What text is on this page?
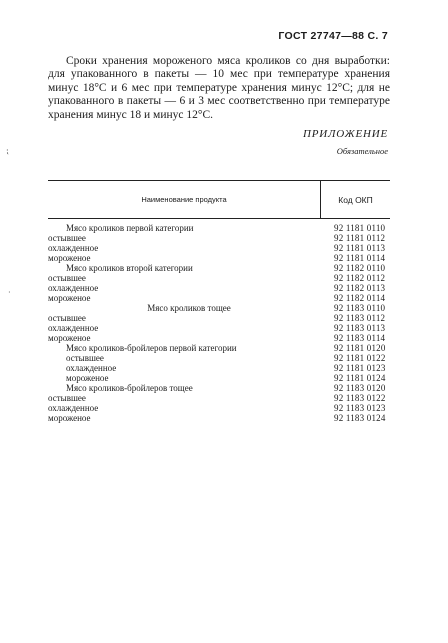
ГОСТ 27747—88 С. 7

Сроки хранения мороженого мяса кроликов со дня выработки: для упакованного в пакеты — 10 мес при температуре хранения минус 18°С и 6 мес при температуре хранения минус 12°С; для не упакованного в пакеты — 6 и 3 мес соответственно при температуре хранения минус 18 и минус 12°С.

ПРИЛОЖЕНИЕ
Обязательное
Наименование продукта	Код ОКП
Мясо кроликов первой категории	92 1181 0110
остывшее	92 1181 0112
охлажденное	92 1181 0113
мороженое	92 1181 0114
Мясо кроликов второй категории	92 1182 0110
остывшее	92 1182 0112
охлажденное	92 1182 0113
мороженое	92 1182 0114
Мясо кроликов тощее	92 1183 0110
остывшее	92 1183 0112
охлажденное	92 1183 0113
мороженое	92 1183 0114
Мясо кроликов-бройлеров первой категории	92 1181 0120
остывшее	92 1181 0122
охлажденное	92 1181 0123
мороженое	92 1181 0124
Мясо кроликов-бройлеров тощее	92 1183 0120
остывшее	92 1183 0122
охлажденное	92 1183 0123
мороженое	92 1183 0124
⁏
·
